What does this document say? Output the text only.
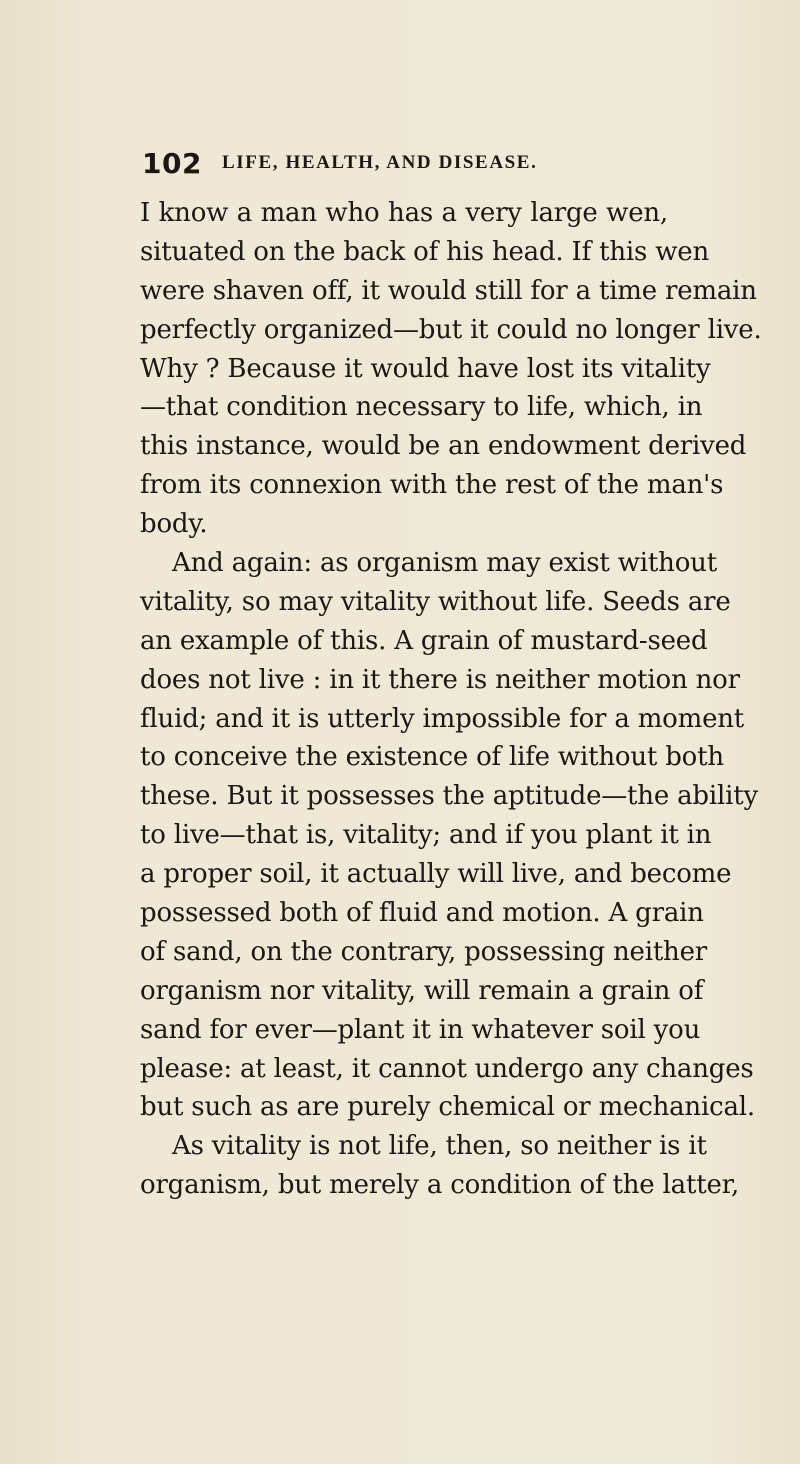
102 LIFE, HEALTH, AND DISEASE.
I know a man who has a very large wen,
situated on the back of his head. If this wen
were shaven off, it would still for a time remain
perfectly organized—but it could no longer live.
Why ? Because it would have lost its vitality
—that condition necessary to life, which, in
this instance, would be an endowment derived
from its connexion with the rest of the man's
body.
And again: as organism may exist without
vitality, so may vitality without life. Seeds are
an example of this. A grain of mustard-seed
does not live : in it there is neither motion nor
fluid; and it is utterly impossible for a moment
to conceive the existence of life without both
these. But it possesses the aptitude—the ability
to live—that is, vitality; and if you plant it in
a proper soil, it actually will live, and become
possessed both of fluid and motion. A grain
of sand, on the contrary, possessing neither
organism nor vitality, will remain a grain of
sand for ever—plant it in whatever soil you
please: at least, it cannot undergo any changes
but such as are purely chemical or mechanical.
As vitality is not life, then, so neither is it
organism, but merely a condition of the latter,
